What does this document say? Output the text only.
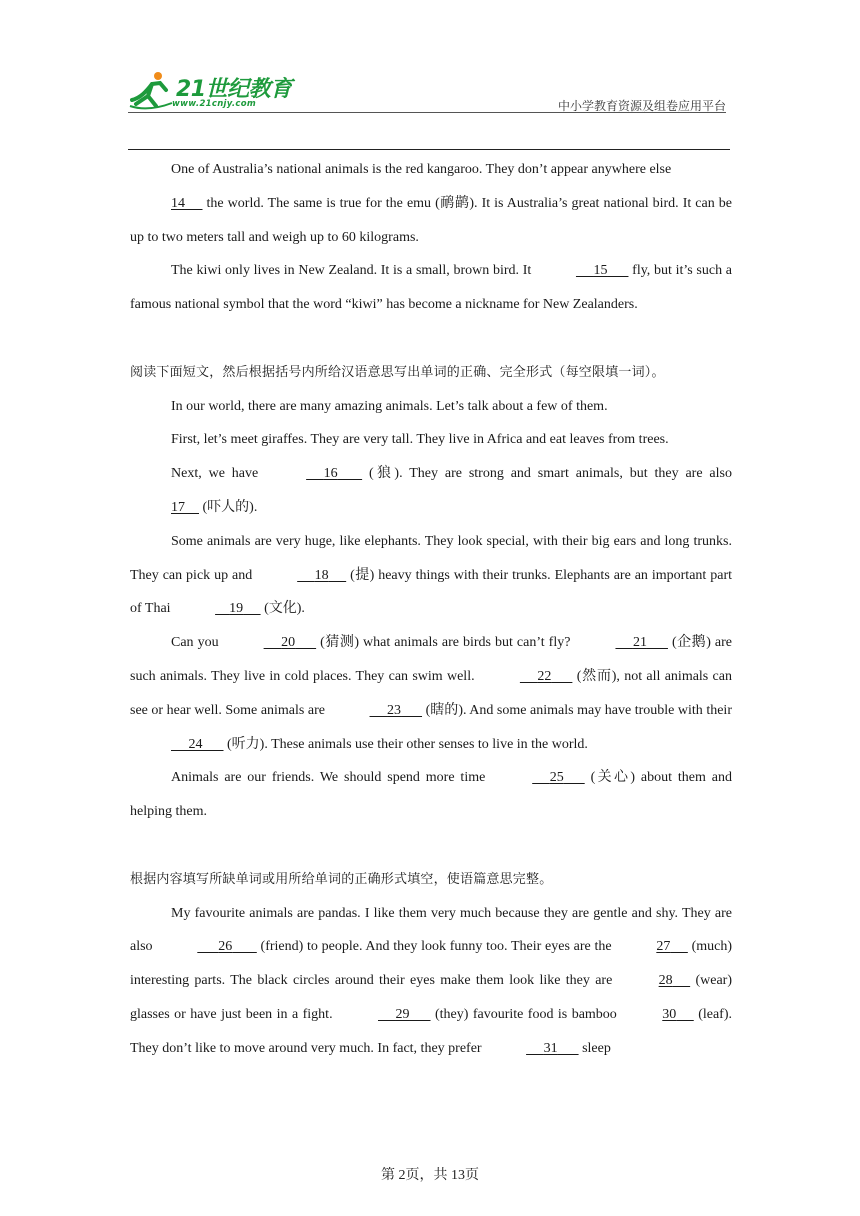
21世纪教育
www.21cnjy.com	中小学教育资源及组卷应用平台

One of Australia’s national animals is the red kangaroo. They don’t appear anywhere else
14      the world. The same is true for the emu (鸸鹋). It is Australia’s great national bird. It can be up to two meters tall and weigh up to 60 kilograms.

The kiwi only lives in New Zealand. It is a small, brown bird. It	15       fly, but it’s such a famous national symbol that the word “kiwi” has become a nickname for New Zealanders.

阅读下面短文，然后根据括号内所给汉语意思写出单词的正确、完全形式（每空限填一词）。

In our world, there are many amazing animals. Let’s talk about a few of them.

First, let’s meet giraffes. They are very tall. They live in Africa and eat leaves from trees.

Next, we have	16        (狼). They are strong and smart animals, but they are also 17     (吓人的).

Some animals are very huge, like elephants. They look special, with their big ears and long trunks. They can pick up and	18      (提) heavy things with their trunks. Elephants are an important part of Thai	19      (文化).

Can you	20       (猜测) what animals are birds but can’t fly?	21       (企鹅) are such animals. They live in cold places. They can swim well.	22       (然而), not all animals can see or hear well. Some animals are	23       (瞎的). And some animals may have trouble with their      24       (听力). These animals use their other senses to live in the world.

Animals are our friends. We should spend more time	25       (关心) about them and helping them.

根据内容填写所缺单词或用所给单词的正确形式填空，使语篇意思完整。

My favourite animals are pandas. I like them very much because they are gentle and shy. They are also	26        (friend) to people. And they look funny too. Their eyes are the	27      (much) interesting parts. The black circles around their eyes make them look like they are	28      (wear) glasses or have just been in a fight.	29       (they) favourite food is bamboo	30      (leaf). They don’t like to move around very much. In fact, they prefer	31       sleep

第 2页，共 13页
